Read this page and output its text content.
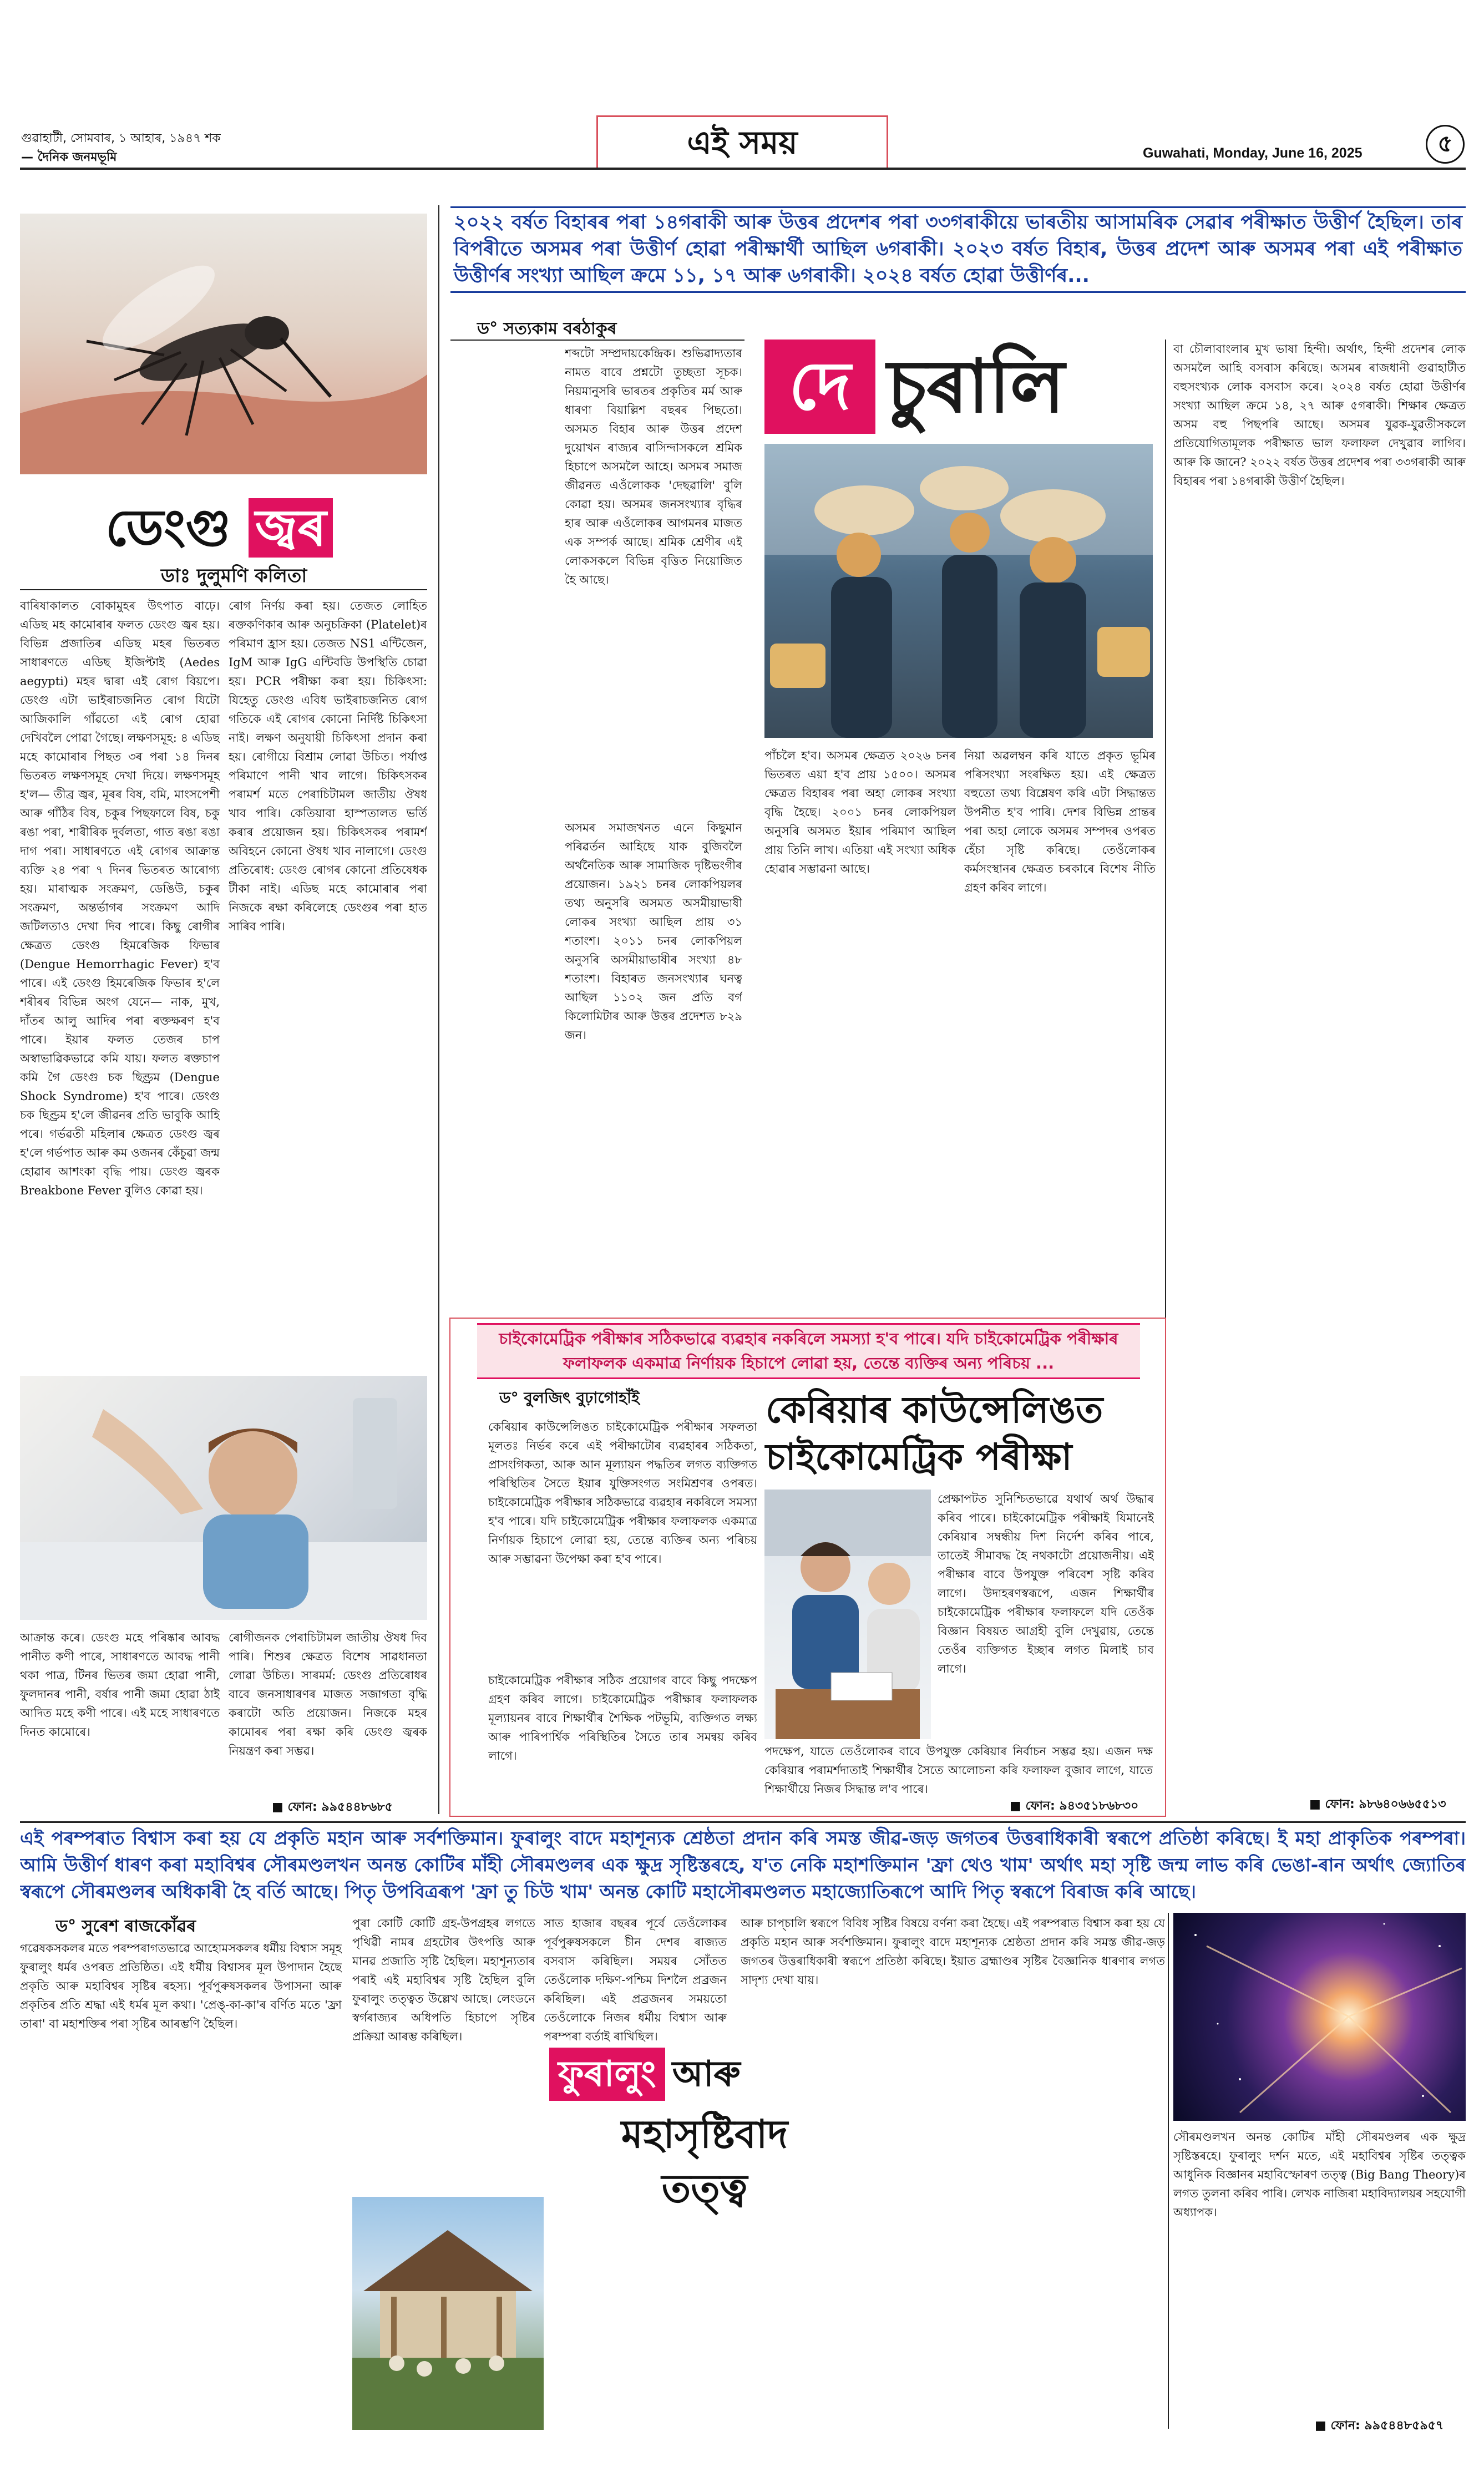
গুৱাহাটী, সোমবাৰ, ১ আহাৰ, ১৯৪৭ শক
— দৈনিক জনমভূমি	এই সময়	Guwahati, Monday, June 16, 2025	৫
ডেংগু জ্বৰ
ডাঃ দুলুমণি কলিতা
বাৰিষাকালত বোকামুহৰ উৎপাত বাঢ়ে। এডিছ মহ কামোৰাৰ ফলত ডেংগু জ্বৰ হয়। বিভিন্ন প্ৰজাতিৰ এডিছ মহৰ ভিতৰত সাধাৰণতে এডিছ ইজিপ্টাই (Aedes aegypti) মহৰ দ্বাৰা এই ৰোগ বিয়পে। ডেংগু এটা ভাইৰাচজনিত ৰোগ যিটো আজিকালি গাঁৱতো এই ৰোগ হোৱা দেখিবলৈ পোৱা গৈছে। লক্ষণসমূহ: ৪ এডিছ মহে কামোৰাৰ পিছত ৩ৰ পৰা ১৪ দিনৰ ভিতৰত লক্ষণসমূহ দেখা দিয়ে। লক্ষণসমূহ হ'ল— তীব্ৰ জ্বৰ, মূৰৰ বিষ, বমি, মাংসপেশী আৰু গাঁঠিৰ বিষ, চকুৰ পিছফালে বিষ, চকু ৰঙা পৰা, শাৰীৰিক দুৰ্বলতা, গাত ৰঙা ৰঙা দাগ পৰা। সাধাৰণতে এই ৰোগৰ আক্ৰান্ত ব্যক্তি ২৪ পৰা ৭ দিনৰ ভিতৰত আৰোগ্য হয়। মাৰাত্মক সংক্ৰমণ, ডেঙিউ, চকুৰ সংক্ৰমণ, অন্তৰ্ভাগৰ সংক্ৰমণ আদি জটিলতাও দেখা দিব পাৰে। কিছু ৰোগীৰ ক্ষেত্ৰত ডেংগু হিমৰেজিক ফিভাৰ (Dengue Hemorrhagic Fever) হ'ব পাৰে। এই ডেংগু হিমৰেজিক ফিভাৰ হ'লে শৰীৰৰ বিভিন্ন অংগ যেনে— নাক, মুখ, দাঁতৰ আলু আদিৰ পৰা ৰক্তক্ষৰণ হ'ব পাৰে। ইয়াৰ ফলত তেজৰ চাপ অস্বাভাৱিকভাৱে কমি যায়। ফলত ৰক্তচাপ কমি গৈ ডেংগু চক ছিণ্ড্ৰম (Dengue Shock Syndrome) হ'ব পাৰে। ডেংগু চক ছিণ্ড্ৰম হ'লে জীৱনৰ প্ৰতি ভাবুকি আহি পৰে। গৰ্ভৱতী মহিলাৰ ক্ষেত্ৰত ডেংগু জ্বৰ হ'লে গৰ্ভপাত আৰু কম ওজনৰ কেঁচুৱা জন্ম হোৱাৰ আশংকা বৃদ্ধি পায়। ডেংগু জ্বৰক Breakbone Fever বুলিও কোৱা হয়।
ৰোগ নিৰ্ণয় কৰা হয়। তেজত লোহিত ৰক্তকণিকাৰ আৰু অনুচক্ৰিকা (Platelet)ৰ পৰিমাণ হ্ৰাস হয়। তেজত NS1 এন্টিজেন, IgM আৰু IgG এন্টিবডি উপস্থিতি চোৱা হয়। PCR পৰীক্ষা কৰা হয়। চিকিৎসা: যিহেতু ডেংগু এবিধ ভাইৰাচজনিত ৰোগ গতিকে এই ৰোগৰ কোনো নিৰ্দিষ্ট চিকিৎসা নাই। লক্ষণ অনুযায়ী চিকিৎসা প্ৰদান কৰা হয়। ৰোগীয়ে বিশ্ৰাম লোৱা উচিত। পৰ্যাপ্ত পৰিমাণে পানী খাব লাগে। চিকিৎসকৰ পৰামৰ্শ মতে পেৰাচিটামল জাতীয় ঔষধ খাব পাৰি। কেতিয়াবা হাস্পতালত ভৰ্তি কৰাৰ প্ৰয়োজন হয়। চিকিৎসকৰ পৰামৰ্শ অবিহনে কোনো ঔষধ খাব নালাগে। ডেংগু প্ৰতিৰোধ: ডেংগু ৰোগৰ কোনো প্ৰতিষেধক টীকা নাই। এডিছ মহে কামোৰাৰ পৰা নিজকে ৰক্ষা কৰিলেহে ডেংগুৰ পৰা হাত সাৰিব পাৰি।
আক্ৰান্ত কৰে। ডেংগু মহে পৰিষ্কাৰ আবদ্ধ পানীত কণী পাৰে, সাধাৰণতে আবদ্ধ পানী থকা পাত্ৰ, টিনৰ ভিতৰ জমা হোৱা পানী, ফুলদানৰ পানী, বৰ্ষাৰ পানী জমা হোৱা ঠাই আদিত মহে কণী পাৰে। এই মহে সাধাৰণতে দিনত কামোৰে।
ৰোগীজনক পেৰাচিটামল জাতীয় ঔষধ দিব পাৰি। শিশুৰ ক্ষেত্ৰত বিশেষ সাৱধানতা লোৱা উচিত। সাৰমৰ্ম: ডেংগু প্ৰতিৰোধৰ বাবে জনসাধাৰণৰ মাজত সজাগতা বৃদ্ধি কৰাটো অতি প্ৰয়োজন। নিজকে মহৰ কামোৰৰ পৰা ৰক্ষা কৰি ডেংগু জ্বৰক নিয়ন্ত্ৰণ কৰা সম্ভৱ।
■ ফোন: ৯৯৫৪৪৮৬৮৫
২০২২ বৰ্ষত বিহাৰৰ পৰা ১৪গৰাকী আৰু উত্তৰ প্ৰদেশৰ পৰা ৩৩গৰাকীয়ে ভাৰতীয় আসামৰিক সেৱাৰ পৰীক্ষাত উত্তীৰ্ণ হৈছিল। তাৰ বিপৰীতে অসমৰ পৰা উত্তীৰ্ণ হোৱা পৰীক্ষাৰ্থী আছিল ৬গৰাকী। ২০২৩ বৰ্ষত বিহাৰ, উত্তৰ প্ৰদেশ আৰু অসমৰ পৰা এই পৰীক্ষাত উত্তীৰ্ণৰ সংখ্যা আছিল ক্ৰমে ১১, ১৭ আৰু ৬গৰাকী। ২০২৪ বৰ্ষত হোৱা উত্তীৰ্ণৰ...
ড° সত্যকাম বৰঠাকুৰ
শব্দটো সম্প্ৰদায়কেন্দ্ৰিক। শুভিৱাদ্যতাৰ নামত বাবে প্ৰশ্নটো তুচ্ছতা সূচক। নিয়মানুসৰি ভাৰতৰ প্ৰকৃতিৰ মৰ্ম আৰু ধাৰণা বিয়াল্লিশ বছৰৰ পিছতো। অসমত বিহাৰ আৰু উত্তৰ প্ৰদেশ দুয়োখন ৰাজ্যৰ বাসিন্দাসকলে শ্ৰমিক হিচাপে অসমলৈ আহে। অসমৰ সমাজ জীৱনত এওঁলোকক 'দেছৱালি' বুলি কোৱা হয়। অসমৰ জনসংখ্যাৰ বৃদ্ধিৰ হাৰ আৰু এওঁলোকৰ আগমনৰ মাজত এক সম্পৰ্ক আছে। শ্ৰমিক শ্ৰেণীৰ এই লোকসকলে বিভিন্ন বৃত্তিত নিয়োজিত হৈ আছে।
দে চুৰালি
অসমৰ সমাজখনত এনে কিছুমান পৰিৱৰ্তন আহিছে যাক বুজিবলৈ অৰ্থনৈতিক আৰু সামাজিক দৃষ্টিভংগীৰ প্ৰয়োজন। ১৯২১ চনৰ লোকপিয়লৰ তথ্য অনুসৰি অসমত অসমীয়াভাষী লোকৰ সংখ্যা আছিল প্ৰায় ৩১ শতাংশ। ২০১১ চনৰ লোকপিয়ল অনুসৰি অসমীয়াভাষীৰ সংখ্যা ৪৮ শতাংশ। বিহাৰত জনসংখ্যাৰ ঘনত্ব আছিল ১১০২ জন প্ৰতি বৰ্গ কিলোমিটাৰ আৰু উত্তৰ প্ৰদেশত ৮২৯ জন।
পাঁচলৈ হ'ব। অসমৰ ক্ষেত্ৰত ২০২৬ চনৰ ভিতৰত এয়া হ'ব প্ৰায় ১৫০০। অসমৰ ক্ষেত্ৰত বিহাৰৰ পৰা অহা লোকৰ সংখ্যা বৃদ্ধি হৈছে। ২০০১ চনৰ লোকপিয়ল অনুসৰি অসমত ইয়াৰ পৰিমাণ আছিল প্ৰায় তিনি লাখ। এতিয়া এই সংখ্যা অধিক হোৱাৰ সম্ভাৱনা আছে।
নিয়া অৱলম্বন কৰি যাতে প্ৰকৃত ভূমিৰ পৰিসংখ্যা সংৰক্ষিত হয়। এই ক্ষেত্ৰত বহুতো তথ্য বিশ্লেষণ কৰি এটা সিদ্ধান্তত উপনীত হ'ব পাৰি। দেশৰ বিভিন্ন প্ৰান্তৰ পৰা অহা লোকে অসমৰ সম্পদৰ ওপৰত হেঁচা সৃষ্টি কৰিছে। তেওঁলোকৰ কৰ্মসংস্থানৰ ক্ষেত্ৰত চৰকাৰে বিশেষ নীতি গ্ৰহণ কৰিব লাগে।
বা চৌলাবাংলাৰ মুখ ভাষা হিন্দী। অৰ্থাৎ, হিন্দী প্ৰদেশৰ লোক অসমলৈ আহি বসবাস কৰিছে। অসমৰ ৰাজধানী গুৱাহাটীত বহুসংখ্যক লোক বসবাস কৰে। ২০২৪ বৰ্ষত হোৱা উত্তীৰ্ণৰ সংখ্যা আছিল ক্ৰমে ১৪, ২৭ আৰু ৫গৰাকী। শিক্ষাৰ ক্ষেত্ৰত অসম বহু পিছপৰি আছে। অসমৰ যুৱক-যুৱতীসকলে প্ৰতিযোগিতামূলক পৰীক্ষাত ভাল ফলাফল দেখুৱাব লাগিব। আৰু কি জানে? ২০২২ বৰ্ষত উত্তৰ প্ৰদেশৰ পৰা ৩৩গৰাকী আৰু বিহাৰৰ পৰা ১৪গৰাকী উত্তীৰ্ণ হৈছিল।
■ ফোন: ৯৮৬৪০৬৬৫৫১৩
চাইকোমেট্ৰিক পৰীক্ষাৰ সঠিকভাৱে ব্যৱহাৰ নকৰিলে সমস্যা হ'ব পাৰে। যদি চাইকোমেট্ৰিক পৰীক্ষাৰ ফলাফলক একমাত্ৰ নিৰ্ণায়ক হিচাপে লোৱা হয়, তেন্তে ব্যক্তিৰ অন্য পৰিচয় ...
ড° বুলজিৎ বুঢ়াগোহাঁই	কেৰিয়াৰ কাউন্সেলিঙত
চাইকোমেট্ৰিক পৰীক্ষা
কেৰিয়াৰ কাউন্সেলিঙত চাইকোমেট্ৰিক পৰীক্ষাৰ সফলতা মূলতঃ নিৰ্ভৰ কৰে এই পৰীক্ষাটোৰ ব্যৱহাৰৰ সঠিকতা, প্ৰাসংগিকতা, আৰু আন মূল্যায়ন পদ্ধতিৰ লগত ব্যক্তিগত পৰিস্থিতিৰ সৈতে ইয়াৰ যুক্তিসংগত সংমিশ্ৰণৰ ওপৰত। চাইকোমেট্ৰিক পৰীক্ষাৰ সঠিকভাৱে ব্যৱহাৰ নকৰিলে সমস্যা হ'ব পাৰে। যদি চাইকোমেট্ৰিক পৰীক্ষাৰ ফলাফলক একমাত্ৰ নিৰ্ণায়ক হিচাপে লোৱা হয়, তেন্তে ব্যক্তিৰ অন্য পৰিচয় আৰু সম্ভাৱনা উপেক্ষা কৰা হ'ব পাৰে।
চাইকোমেট্ৰিক পৰীক্ষাৰ সঠিক প্ৰয়োগৰ বাবে কিছু পদক্ষেপ গ্ৰহণ কৰিব লাগে। চাইকোমেট্ৰিক পৰীক্ষাৰ ফলাফলক মূল্যায়নৰ বাবে শিক্ষাৰ্থীৰ শৈক্ষিক পটভূমি, ব্যক্তিগত লক্ষ্য আৰু পাৰিপাৰ্শ্বিক পৰিস্থিতিৰ সৈতে তাৰ সমন্বয় কৰিব লাগে।
প্ৰেক্ষাপটত সুনিশ্চিতভাৱে যথাৰ্থ অৰ্থ উদ্ধাৰ কৰিব পাৰে। চাইকোমেট্ৰিক পৰীক্ষাই যিমানেই কেৰিয়াৰ সম্বন্ধীয় দিশ নিৰ্দেশ কৰিব পাৰে, তাতেই সীমাবদ্ধ হৈ নথকাটো প্ৰয়োজনীয়। এই পৰীক্ষাৰ বাবে উপযুক্ত পৰিবেশ সৃষ্টি কৰিব লাগে। উদাহৰণস্বৰূপে, এজন শিক্ষাৰ্থীৰ চাইকোমেট্ৰিক পৰীক্ষাৰ ফলাফলে যদি তেওঁক বিজ্ঞান বিষয়ত আগ্ৰহী বুলি দেখুৱায়, তেন্তে তেওঁৰ ব্যক্তিগত ইচ্ছাৰ লগত মিলাই চাব লাগে।
পদক্ষেপ, যাতে তেওঁলোকৰ বাবে উপযুক্ত কেৰিয়াৰ নিৰ্বাচন সম্ভৱ হয়। এজন দক্ষ কেৰিয়াৰ পৰামৰ্শদাতাই শিক্ষাৰ্থীৰ সৈতে আলোচনা কৰি ফলাফল বুজাব লাগে, যাতে শিক্ষাৰ্থীয়ে নিজৰ সিদ্ধান্ত ল'ব পাৰে।
■ ফোন: ৯৪৩৫১৮৬৮৩০
এই পৰম্পৰাত বিশ্বাস কৰা হয় যে প্ৰকৃতি মহান আৰু সৰ্বশক্তিমান। ফুৰালুং বাদে মহাশূন্যক শ্ৰেষ্ঠতা প্ৰদান কৰি সমস্ত জীৱ-জড় জগতৰ উত্তৰাধিকাৰী স্বৰূপে প্ৰতিষ্ঠা কৰিছে। ই মহা প্ৰাকৃতিক পৰম্পৰা। আমি উত্তীৰ্ণ ধাৰণ কৰা মহাবিশ্বৰ সৌৰমণ্ডলখন অনন্ত কোটিৰ মাঁহী সৌৰমণ্ডলৰ এক ক্ষুদ্ৰ সৃষ্টিস্তৰহে, য'ত নেকি মহাশক্তিমান 'ফ্ৰা থেও খাম' অৰ্থাৎ মহা সৃষ্টি জন্ম লাভ কৰি ভেঙা-ৰান অৰ্থাৎ জ্যোতিৰ স্বৰূপে সৌৰমণ্ডলৰ অধিকাৰী হৈ বৰ্তি আছে। পিতৃ উপবিত্ৰৰূপ 'ফ্ৰা তু চিউ খাম' অনন্ত কোটি মহাসৌৰমণ্ডলত মহাজ্যোতিৰূপে আদি পিতৃ স্বৰূপে বিৰাজ কৰি আছে।
ড° সুৰেশ ৰাজকোঁৱৰ
গৱেষকসকলৰ মতে পৰম্পৰাগতভাৱে আহোমসকলৰ ধৰ্মীয় বিশ্বাস সমূহ ফুৰালুং ধৰ্মৰ ওপৰত প্ৰতিষ্ঠিত। এই ধৰ্মীয় বিশ্বাসৰ মূল উপাদান হৈছে প্ৰকৃতি আৰু মহাবিশ্বৰ সৃষ্টিৰ ৰহস্য। পূৰ্বপুৰুষসকলৰ উপাসনা আৰু প্ৰকৃতিৰ প্ৰতি শ্ৰদ্ধা এই ধৰ্মৰ মূল কথা। 'প্ৰেঙ্‌-কা-কা'ৰ বৰ্ণিত মতে 'ফ্ৰা তাৰা' বা মহাশক্তিৰ পৰা সৃষ্টিৰ আৰম্ভণি হৈছিল।
পুৰা কোটি কোটি গ্ৰহ-উপগ্ৰহৰ লগতে পৃথিৱী নামৰ গ্ৰহটোৰ উৎপত্তি আৰু মানৱ প্ৰজাতি সৃষ্টি হৈছিল। মহাশূন্যতাৰ পৰাই এই মহাবিশ্বৰ সৃষ্টি হৈছিল বুলি ফুৰালুং তত্ত্বত উল্লেখ আছে। লেংডনে স্বৰ্গৰাজ্যৰ অধিপতি হিচাপে সৃষ্টিৰ প্ৰক্ৰিয়া আৰম্ভ কৰিছিল।
সাত হাজাৰ বছৰৰ পূৰ্বে তেওঁলোকৰ পূৰ্বপুৰুষসকলে চীন দেশৰ ৰাজ্যত বসবাস কৰিছিল। সময়ৰ সোঁতত তেওঁলোক দক্ষিণ-পশ্চিম দিশলৈ প্ৰব্ৰজন কৰিছিল। এই প্ৰব্ৰজনৰ সময়তো তেওঁলোকে নিজৰ ধৰ্মীয় বিশ্বাস আৰু পৰম্পৰা বৰ্তাই ৰাখিছিল।
ফুৰালুং আৰু
মহাসৃষ্টিবাদ
তত্ত্ব
আৰু চাপ্‌চালি স্বৰূপে বিবিধ সৃষ্টিৰ বিষয়ে বৰ্ণনা কৰা হৈছে। এই পৰম্পৰাত বিশ্বাস কৰা হয় যে প্ৰকৃতি মহান আৰু সৰ্বশক্তিমান। ফুৰালুং বাদে মহাশূন্যক শ্ৰেষ্ঠতা প্ৰদান কৰি সমস্ত জীৱ-জড় জগতৰ উত্তৰাধিকাৰী স্বৰূপে প্ৰতিষ্ঠা কৰিছে। ইয়াত ব্ৰহ্মাণ্ডৰ সৃষ্টিৰ বৈজ্ঞানিক ধাৰণাৰ লগত সাদৃশ্য দেখা যায়।
সৌৰমণ্ডলখন অনন্ত কোটিৰ মাঁহী সৌৰমণ্ডলৰ এক ক্ষুদ্ৰ সৃষ্টিস্তৰহে। ফুৰালুং দৰ্শন মতে, এই মহাবিশ্বৰ সৃষ্টিৰ তত্ত্বক আধুনিক বিজ্ঞানৰ মহাবিস্ফোৰণ তত্ত্ব (Big Bang Theory)ৰ লগত তুলনা কৰিব পাৰি। লেখক নাজিৰা মহাবিদ্যালয়ৰ সহযোগী অধ্যাপক।
■ ফোন: ৯৯৫৪৪৮৫৯৫৭
